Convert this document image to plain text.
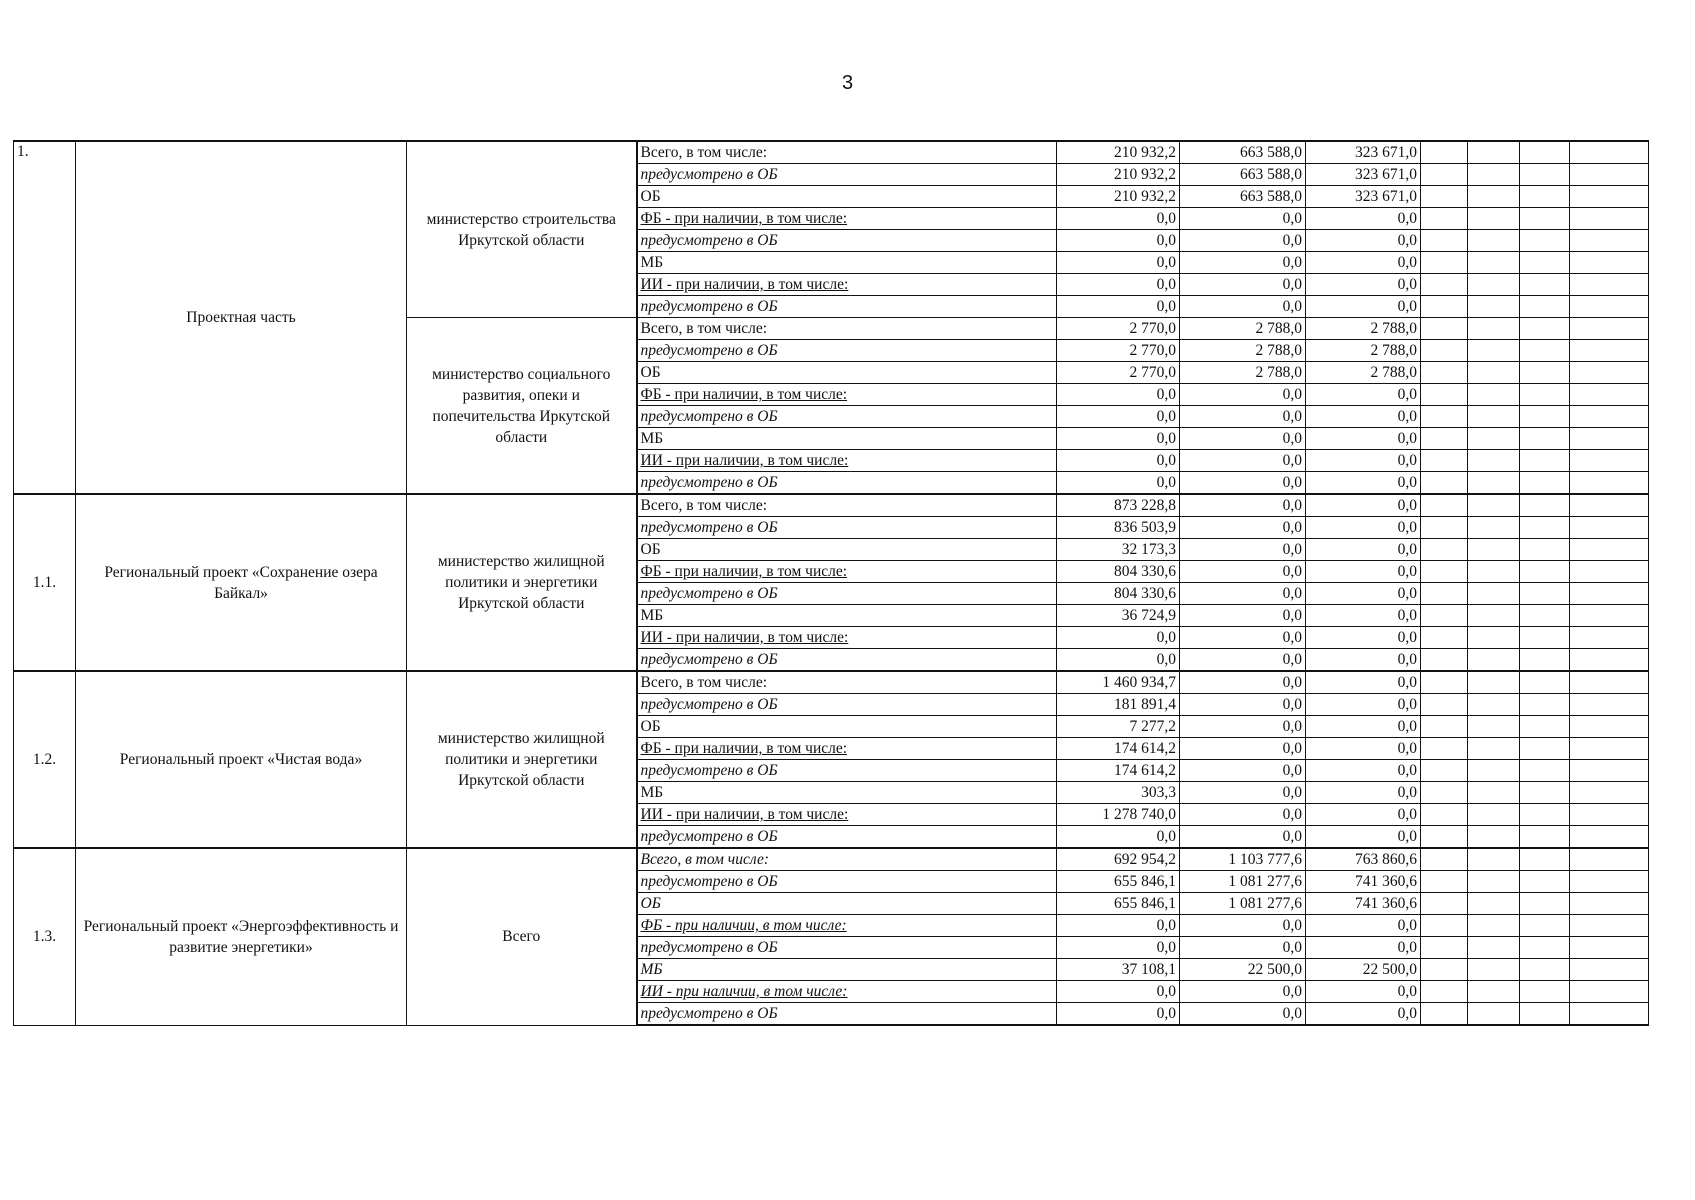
3
1.	Проектная часть	министерство строительства Иркутской области	Всего, в том числе:	210 932,2	663 588,0	323 671,0				
			предусмотрено в ОБ	210 932,2	663 588,0	323 671,0				
			ОБ	210 932,2	663 588,0	323 671,0				
			ФБ - при наличии, в том числе:	0,0	0,0	0,0				
			предусмотрено в ОБ	0,0	0,0	0,0				
			МБ	0,0	0,0	0,0				
			ИИ - при наличии, в том числе:	0,0	0,0	0,0				
			предусмотрено в ОБ	0,0	0,0	0,0				
		министерство социального развития, опеки и попечительства Иркутской области	Всего, в том числе:	2 770,0	2 788,0	2 788,0				
			предусмотрено в ОБ	2 770,0	2 788,0	2 788,0				
			ОБ	2 770,0	2 788,0	2 788,0				
			ФБ - при наличии, в том числе:	0,0	0,0	0,0				
			предусмотрено в ОБ	0,0	0,0	0,0				
			МБ	0,0	0,0	0,0				
			ИИ - при наличии, в том числе:	0,0	0,0	0,0				
			предусмотрено в ОБ	0,0	0,0	0,0				
1.1.	Региональный проект «Сохранение озера Байкал»	министерство жилищной политики и энергетики Иркутской области	Всего, в том числе:	873 228,8	0,0	0,0				
			предусмотрено в ОБ	836 503,9	0,0	0,0				
			ОБ	32 173,3	0,0	0,0				
			ФБ - при наличии, в том числе:	804 330,6	0,0	0,0				
			предусмотрено в ОБ	804 330,6	0,0	0,0				
			МБ	36 724,9	0,0	0,0				
			ИИ - при наличии, в том числе:	0,0	0,0	0,0				
			предусмотрено в ОБ	0,0	0,0	0,0				
1.2.	Региональный проект «Чистая вода»	министерство жилищной политики и энергетики Иркутской области	Всего, в том числе:	1 460 934,7	0,0	0,0				
			предусмотрено в ОБ	181 891,4	0,0	0,0				
			ОБ	7 277,2	0,0	0,0				
			ФБ - при наличии, в том числе:	174 614,2	0,0	0,0				
			предусмотрено в ОБ	174 614,2	0,0	0,0				
			МБ	303,3	0,0	0,0				
			ИИ - при наличии, в том числе:	1 278 740,0	0,0	0,0				
			предусмотрено в ОБ	0,0	0,0	0,0				
1.3.	Региональный проект «Энергоэффективность и развитие энергетики»	Всего	Всего, в том числе:	692 954,2	1 103 777,6	763 860,6				
			предусмотрено в ОБ	655 846,1	1 081 277,6	741 360,6				
			ОБ	655 846,1	1 081 277,6	741 360,6				
			ФБ - при наличии, в том числе:	0,0	0,0	0,0				
			предусмотрено в ОБ	0,0	0,0	0,0				
			МБ	37 108,1	22 500,0	22 500,0				
			ИИ - при наличии, в том числе:	0,0	0,0	0,0				
			предусмотрено в ОБ	0,0	0,0	0,0				
